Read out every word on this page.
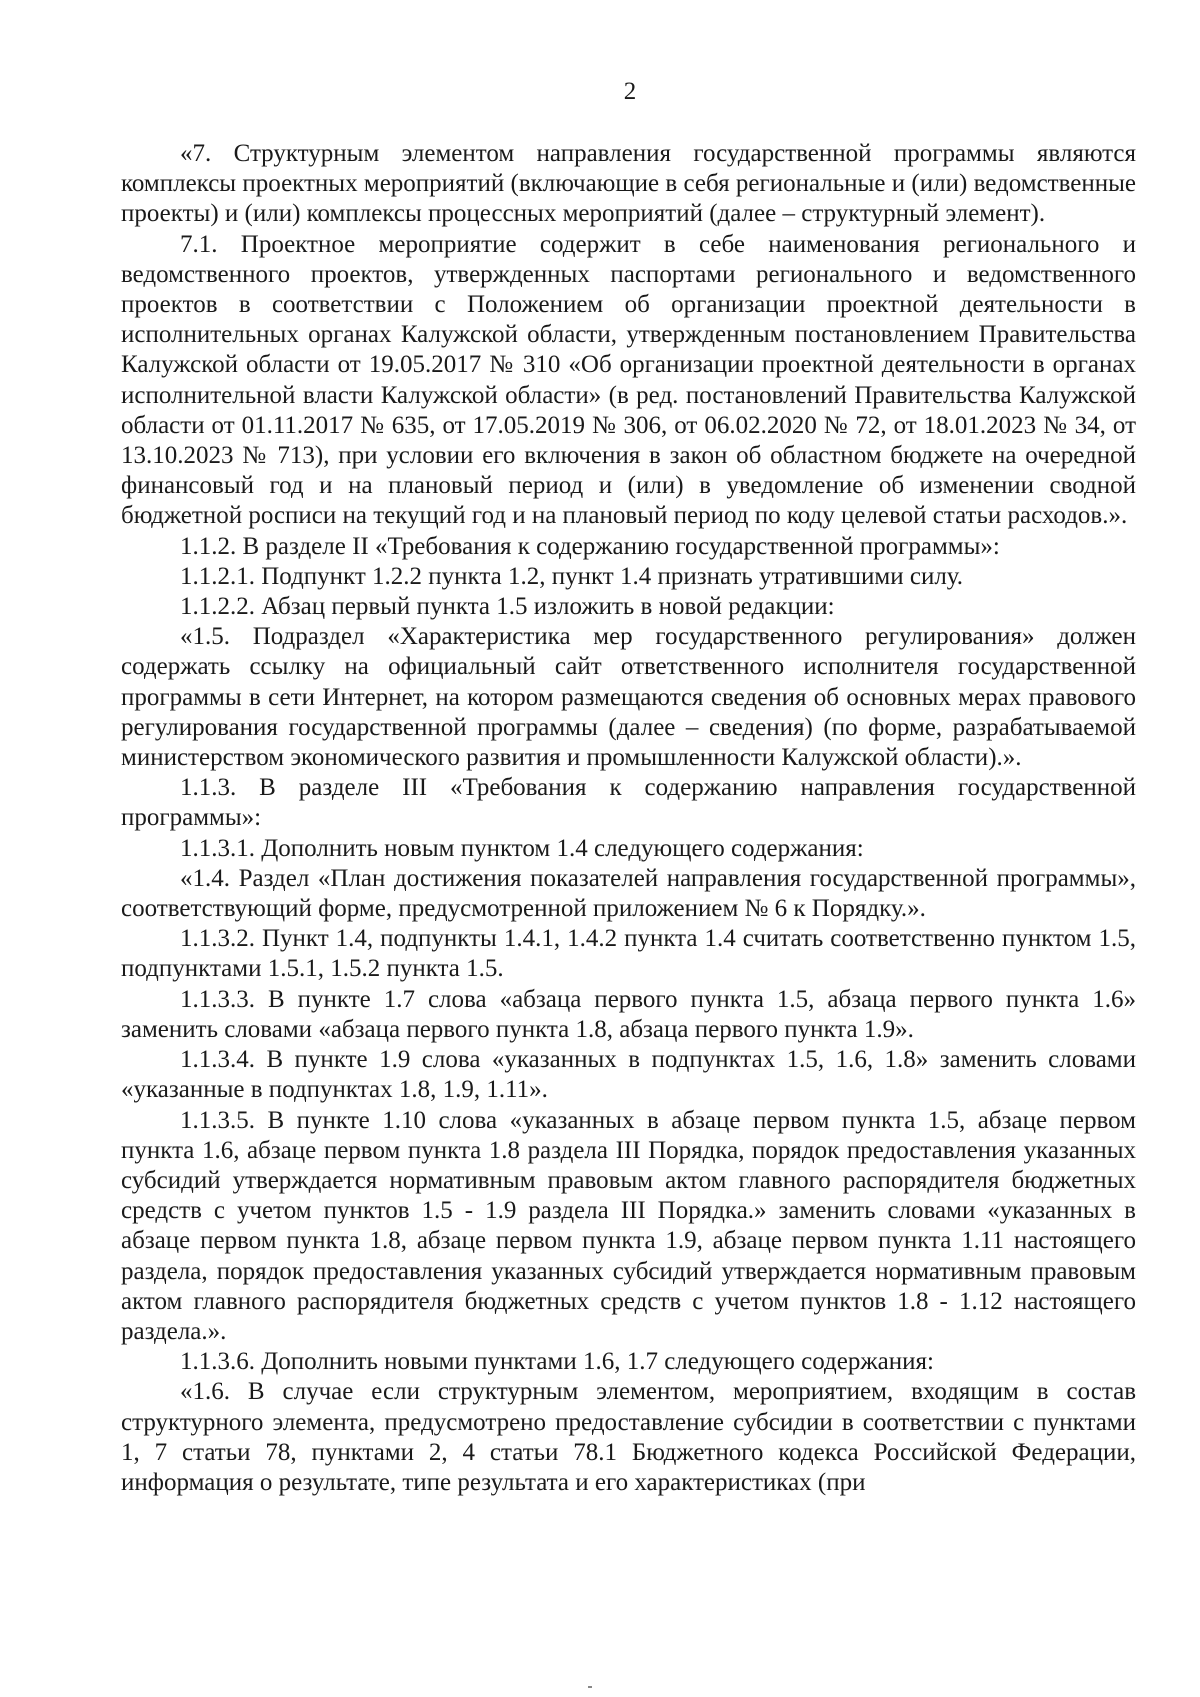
2

«7. Структурным элементом направления государственной программы являются комплексы проектных мероприятий (включающие в себя региональные и (или) ведомственные проекты) и (или) комплексы процессных мероприятий (далее – структурный элемент).

7.1. Проектное мероприятие содержит в себе наименования регионального и ведомственного проектов, утвержденных паспортами регионального и ведомственного проектов в соответствии с Положением об организации проектной деятельности в исполнительных органах Калужской области, утвержденным постановлением Правительства Калужской области от 19.05.2017 № 310 «Об организации проектной деятельности в органах исполнительной власти Калужской области» (в ред. постановлений Правительства Калужской области от 01.11.2017 № 635, от 17.05.2019 № 306, от 06.02.2020 № 72, от 18.01.2023 № 34, от 13.10.2023 № 713), при условии его включения в закон об областном бюджете на очередной финансовый год и на плановый период и (или) в уведомление об изменении сводной бюджетной росписи на текущий год и на плановый период по коду целевой статьи расходов.».

1.1.2. В разделе II «Требования к содержанию государственной программы»:

1.1.2.1. Подпункт 1.2.2 пункта 1.2, пункт 1.4 признать утратившими силу.

1.1.2.2. Абзац первый пункта 1.5 изложить в новой редакции:

«1.5. Подраздел «Характеристика мер государственного регулирования» должен содержать ссылку на официальный сайт ответственного исполнителя государственной программы в сети Интернет, на котором размещаются сведения об основных мерах правового регулирования государственной программы (далее – сведения) (по форме, разрабатываемой министерством экономического развития и промышленности Калужской области).».

1.1.3. В разделе III «Требования к содержанию направления государственной программы»:

1.1.3.1. Дополнить новым пунктом 1.4 следующего содержания:

«1.4. Раздел «План достижения показателей направления государственной программы», соответствующий форме, предусмотренной приложением № 6 к Порядку.».

1.1.3.2. Пункт 1.4, подпункты 1.4.1, 1.4.2 пункта 1.4 считать соответственно пунктом 1.5, подпунктами 1.5.1, 1.5.2 пункта 1.5.

1.1.3.3. В пункте 1.7 слова «абзаца первого пункта 1.5, абзаца первого пункта 1.6» заменить словами «абзаца первого пункта 1.8, абзаца первого пункта 1.9».

1.1.3.4. В пункте 1.9 слова «указанных в подпунктах 1.5, 1.6, 1.8» заменить словами «указанные в подпунктах 1.8, 1.9, 1.11».

1.1.3.5. В пункте 1.10 слова «указанных в абзаце первом пункта 1.5, абзаце первом пункта 1.6, абзаце первом пункта 1.8 раздела III Порядка, порядок предоставления указанных субсидий утверждается нормативным правовым актом главного распорядителя бюджетных средств с учетом пунктов 1.5 - 1.9 раздела III Порядка.» заменить словами «указанных в абзаце первом пункта 1.8, абзаце первом пункта 1.9, абзаце первом пункта 1.11 настоящего раздела, порядок предоставления указанных субсидий утверждается нормативным правовым актом главного распорядителя бюджетных средств с учетом пунктов 1.8 - 1.12 настоящего раздела.».

1.1.3.6. Дополнить новыми пунктами 1.6, 1.7 следующего содержания:

«1.6. В случае если структурным элементом, мероприятием, входящим в состав структурного элемента, предусмотрено предоставление субсидии в соответствии с пунктами 1, 7 статьи 78, пунктами 2, 4 статьи 78.1 Бюджетного кодекса Российской Федерации, информация о результате, типе результата и его характеристиках (при
